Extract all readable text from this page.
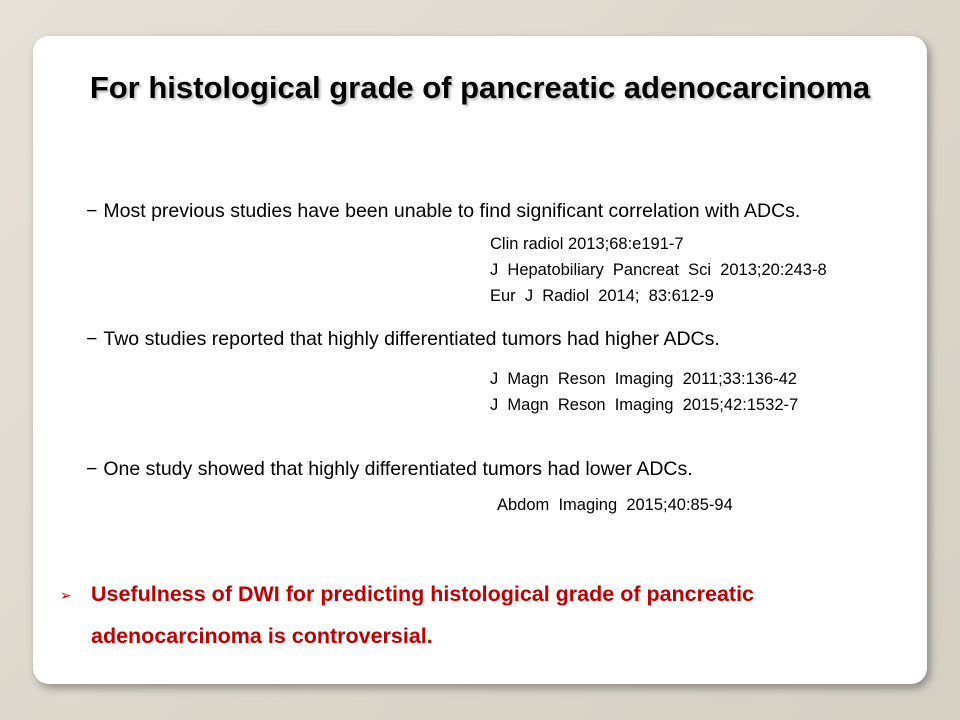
For histological grade of pancreatic adenocarcinoma
− Most previous studies have been unable to find significant correlation with ADCs.
Clin radiol 2013;68:e191-7
J  Hepatobiliary  Pancreat  Sci  2013;20:243-8
Eur  J  Radiol  2014;  83:612-9
− Two studies reported that highly differentiated tumors had higher ADCs.
J  Magn  Reson  Imaging  2011;33:136-42
J  Magn  Reson  Imaging  2015;42:1532-7
− One study showed that highly differentiated tumors had lower ADCs.
Abdom  Imaging  2015;40:85-94
➢ Usefulness of DWI for predicting histological grade of pancreatic
adenocarcinoma is controversial.
